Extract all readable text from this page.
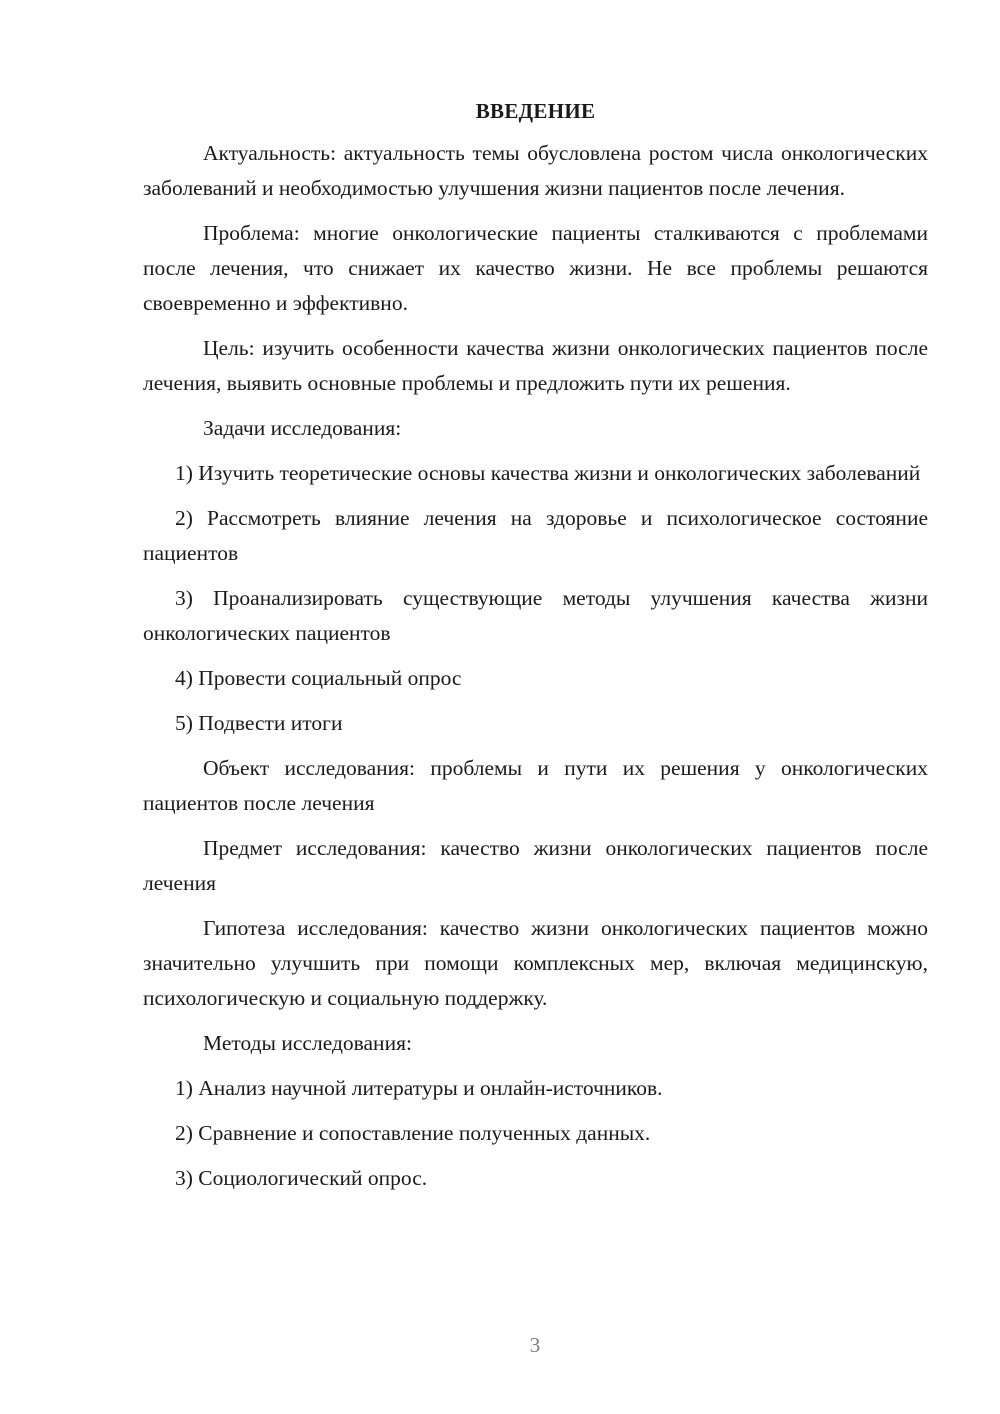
ВВЕДЕНИЕ

Актуальность: актуальность темы обусловлена ростом числа онкологических заболеваний и необходимостью улучшения жизни пациентов после лечения.

Проблема: многие онкологические пациенты сталкиваются с проблемами после лечения, что снижает их качество жизни. Не все проблемы решаются своевременно и эффективно.

Цель: изучить особенности качества жизни онкологических пациентов после лечения, выявить основные проблемы и предложить пути их решения.

Задачи исследования:

1) Изучить теоретические основы качества жизни и онкологических заболеваний

2) Рассмотреть влияние лечения на здоровье и психологическое состояние пациентов

3) Проанализировать существующие методы улучшения качества жизни онкологических пациентов

4) Провести социальный опрос

5) Подвести итоги

Объект исследования: проблемы и пути их решения у онкологических пациентов после лечения

Предмет исследования: качество жизни онкологических пациентов после лечения

Гипотеза исследования: качество жизни онкологических пациентов можно значительно улучшить при помощи комплексных мер, включая медицинскую, психологическую и социальную поддержку.

Методы исследования:

1) Анализ научной литературы и онлайн-источников.

2) Сравнение и сопоставление полученных данных.

3) Социологический опрос.

3
